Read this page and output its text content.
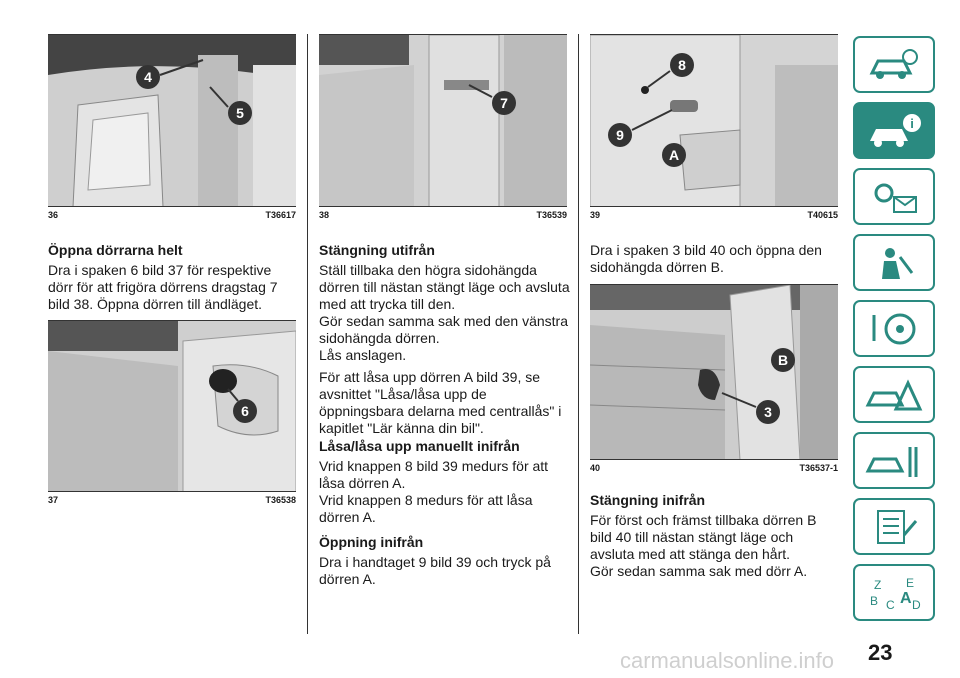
4
5
36	T36617
Öppna dörrarna helt
Dra i spaken 6 bild 37 för respektive dörr för att frigöra dörrens dragstag 7 bild 38. Öppna dörren till ändläget.
6
37	T36538
7
38	T36539
Stängning utifrån
Ställ tillbaka den högra sidohängda dörren till nästan stängt läge och avsluta med att trycka till den.
Gör sedan samma sak med den vänstra sidohängda dörren.
Lås anslagen.
För att låsa upp dörren A bild 39, se avsnittet "Låsa/låsa upp de öppningsbara delarna med centrallås" i kapitlet "Lär känna din bil".
Låsa/låsa upp manuellt inifrån
Vrid knappen 8 bild 39 medurs för att låsa dörren A.
Vrid knappen 8 medurs för att låsa dörren A.
Öppning inifrån
Dra i handtaget 9 bild 39 och tryck på dörren A.
8
9
A
39	T40615
Dra i spaken 3 bild 40 och öppna den sidohängda dörren B.
B
3
40	T36537-1
Stängning inifrån
För först och främst tillbaka dörren B bild 40 till nästan stängt läge och avsluta med att stänga den hårt.
Gör sedan samma sak med dörr A.
i
Z E
B C A D
23
carmanualsonline.info
